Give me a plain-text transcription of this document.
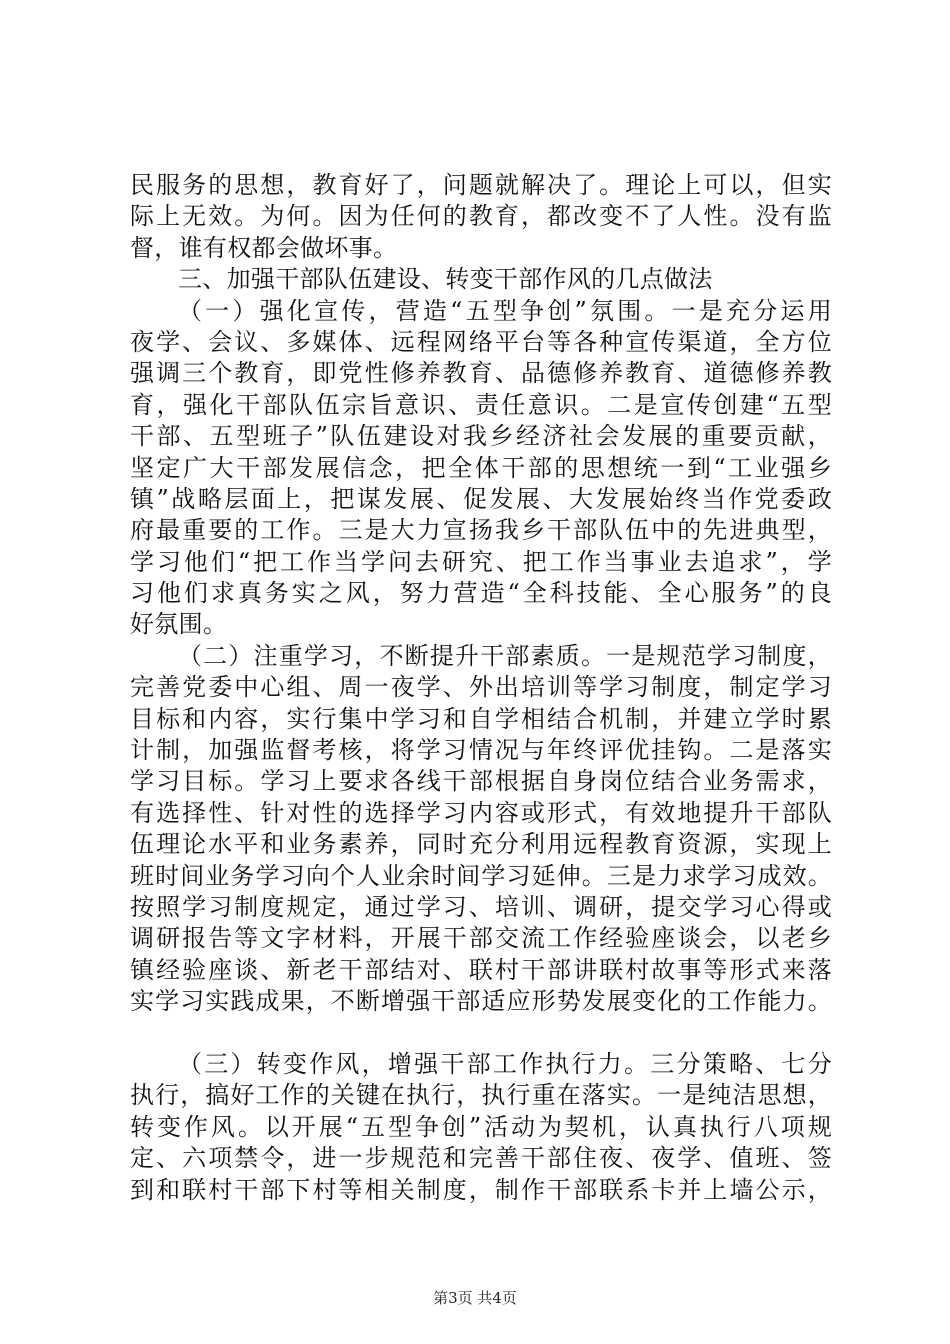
民服务的思想，教育好了，问题就解决了。理论上可以，但实
际上无效。为何。因为任何的教育，都改变不了人性。没有监
督，谁有权都会做坏事。
三、加强干部队伍建设、转变干部作风的几点做法
（一）强化宣传，营造“五型争创”氛围。一是充分运用
夜学、会议、多媒体、远程网络平台等各种宣传渠道，全方位
强调三个教育，即党性修养教育、品德修养教育、道德修养教
育，强化干部队伍宗旨意识、责任意识。二是宣传创建“五型
干部、五型班子”队伍建设对我乡经济社会发展的重要贡献，
坚定广大干部发展信念，把全体干部的思想统一到“工业强乡
镇”战略层面上，把谋发展、促发展、大发展始终当作党委政
府最重要的工作。三是大力宣扬我乡干部队伍中的先进典型，
学习他们“把工作当学问去研究、把工作当事业去追求”，学
习他们求真务实之风，努力营造“全科技能、全心服务”的良
好氛围。
（二）注重学习，不断提升干部素质。一是规范学习制度，
完善党委中心组、周一夜学、外出培训等学习制度，制定学习
目标和内容，实行集中学习和自学相结合机制，并建立学时累
计制，加强监督考核，将学习情况与年终评优挂钩。二是落实
学习目标。学习上要求各线干部根据自身岗位结合业务需求，
有选择性、针对性的选择学习内容或形式，有效地提升干部队
伍理论水平和业务素养，同时充分利用远程教育资源，实现上
班时间业务学习向个人业余时间学习延伸。三是力求学习成效。
按照学习制度规定，通过学习、培训、调研，提交学习心得或
调研报告等文字材料，开展干部交流工作经验座谈会，以老乡
镇经验座谈、新老干部结对、联村干部讲联村故事等形式来落
实学习实践成果，不断增强干部适应形势发展变化的工作能力。
（三）转变作风，增强干部工作执行力。三分策略、七分
执行，搞好工作的关键在执行，执行重在落实。一是纯洁思想，
转变作风。以开展“五型争创”活动为契机，认真执行八项规
定、六项禁令，进一步规范和完善干部住夜、夜学、值班、签
到和联村干部下村等相关制度，制作干部联系卡并上墙公示，
第3页 共4页
